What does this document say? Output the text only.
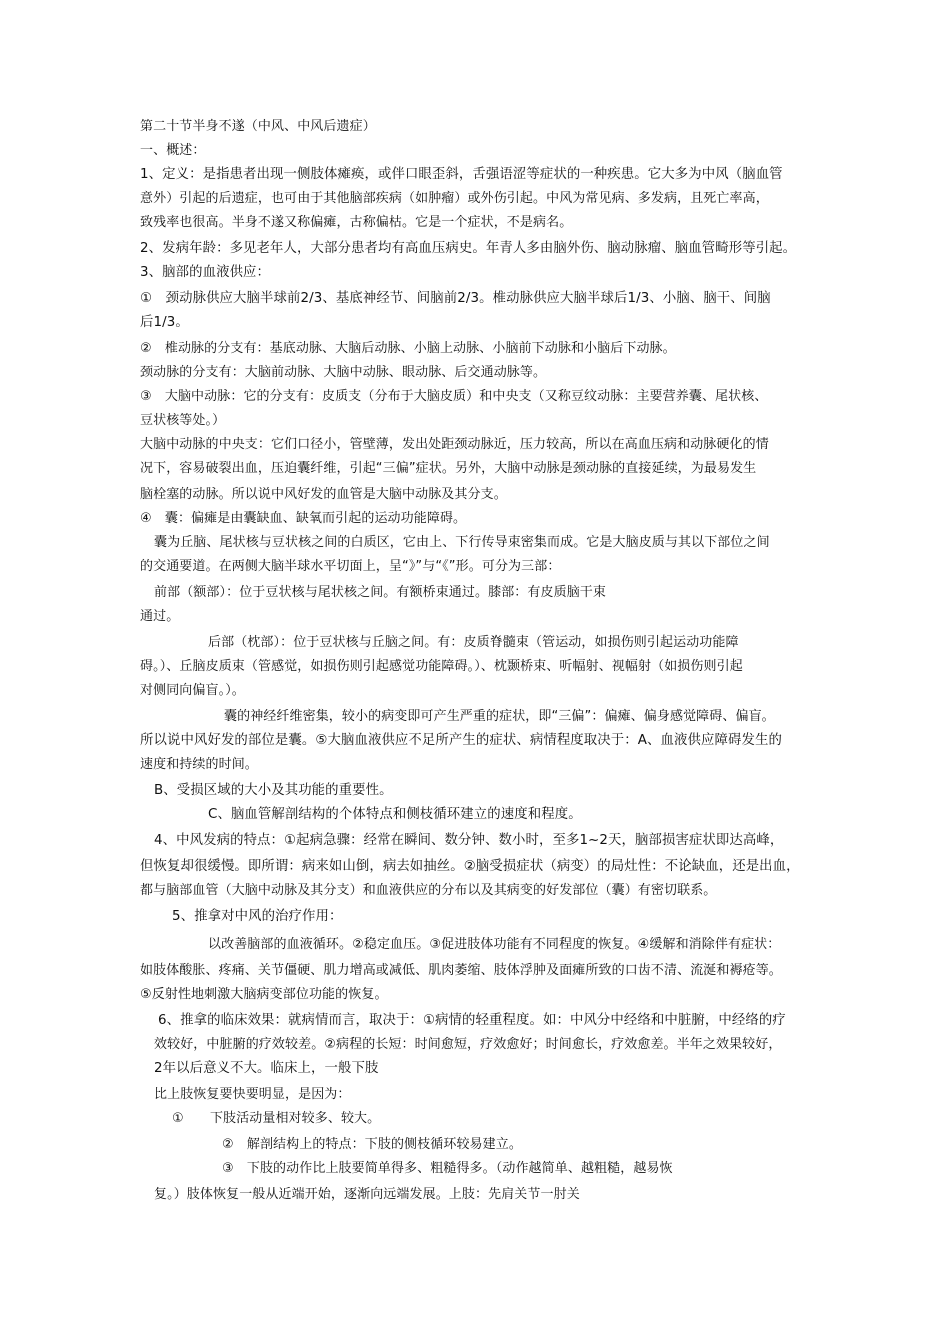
第二十节半身不遂（中风、中风后遗症）
一、概述：
1、定义：是指患者出现一侧肢体瘫痪，或伴口眼歪斜，舌强语涩等症状的一种疾患。它大多为中风（脑血管
意外）引起的后遗症，也可由于其他脑部疾病（如肿瘤）或外伤引起。中风为常见病、多发病，且死亡率高，
致残率也很高。半身不遂又称偏瘫，古称偏枯。它是一个症状，不是病名。
2、发病年龄：多见老年人，大部分患者均有高血压病史。年青人多由脑外伤、脑动脉瘤、脑血管畸形等引起。
3、脑部的血液供应：
①　颈动脉供应大脑半球前2/3、基底神经节、间脑前2/3。椎动脉供应大脑半球后1/3、小脑、脑干、间脑
后1/3。
②　椎动脉的分支有：基底动脉、大脑后动脉、小脑上动脉、小脑前下动脉和小脑后下动脉。
颈动脉的分支有：大脑前动脉、大脑中动脉、眼动脉、后交通动脉等。
③　大脑中动脉：它的分支有：皮质支（分布于大脑皮质）和中央支（又称豆纹动脉：主要营养囊、尾状核、
豆状核等处。）
大脑中动脉的中央支：它们口径小，管壁薄，发出处距颈动脉近，压力较高，所以在高血压病和动脉硬化的情
况下，容易破裂出血，压迫囊纤维，引起“三偏”症状。另外，大脑中动脉是颈动脉的直接延续，为最易发生
脑栓塞的动脉。所以说中风好发的血管是大脑中动脉及其分支。
④　囊：偏瘫是由囊缺血、缺氧而引起的运动功能障碍。
囊为丘脑、尾状核与豆状核之间的白质区，它由上、下行传导束密集而成。它是大脑皮质与其以下部位之间
的交通要道。在两侧大脑半球水平切面上，呈“》”与“《”形。可分为三部：
前部（额部）：位于豆状核与尾状核之间。有额桥束通过。膝部：有皮质脑干束
通过。
后部（枕部）：位于豆状核与丘脑之间。有：皮质脊髓束（管运动，如损伤则引起运动功能障
碍。）、丘脑皮质束（管感觉，如损伤则引起感觉功能障碍。）、枕颞桥束、听幅射、视幅射（如损伤则引起
对侧同向偏盲。）。
囊的神经纤维密集，较小的病变即可产生严重的症状，即“三偏”：偏瘫、偏身感觉障碍、偏盲。
所以说中风好发的部位是囊。⑤大脑血液供应不足所产生的症状、病情程度取决于：A、血液供应障碍发生的
速度和持续的时间。
B、受损区域的大小及其功能的重要性。
C、脑血管解剖结构的个体特点和侧枝循环建立的速度和程度。
4、中风发病的特点：①起病急骤：经常在瞬间、数分钟、数小时，至多1~2天，脑部损害症状即达高峰，
但恢复却很缓慢。即所谓：病来如山倒，病去如抽丝。②脑受损症状（病变）的局灶性：不论缺血，还是出血，
都与脑部血管（大脑中动脉及其分支）和血液供应的分布以及其病变的好发部位（囊）有密切联系。
5、推拿对中风的治疗作用：
以改善脑部的血液循环。②稳定血压。③促进肢体功能有不同程度的恢复。④缓解和消除伴有症状：
如肢体酸胀、疼痛、关节僵硬、肌力增高或减低、肌肉萎缩、肢体浮肿及面瘫所致的口齿不清、流涎和褥疮等。
⑤反射性地刺激大脑病变部位功能的恢复。
6、推拿的临床效果：就病情而言，取决于：①病情的轻重程度。如：中风分中经络和中脏腑，中经络的疗
效较好，中脏腑的疗效较差。②病程的长短：时间愈短，疗效愈好；时间愈长，疗效愈差。半年之效果较好，
2年以后意义不大。临床上，一般下肢
比上肢恢复要快要明显，是因为：
①　　下肢活动量相对较多、较大。
②　解剖结构上的特点：下肢的侧枝循环较易建立。
③　下肢的动作比上肢要简单得多、粗糙得多。（动作越简单、越粗糙，越易恢
复。）肢体恢复一般从近端开始，逐渐向远端发展。上肢：先肩关节一肘关
